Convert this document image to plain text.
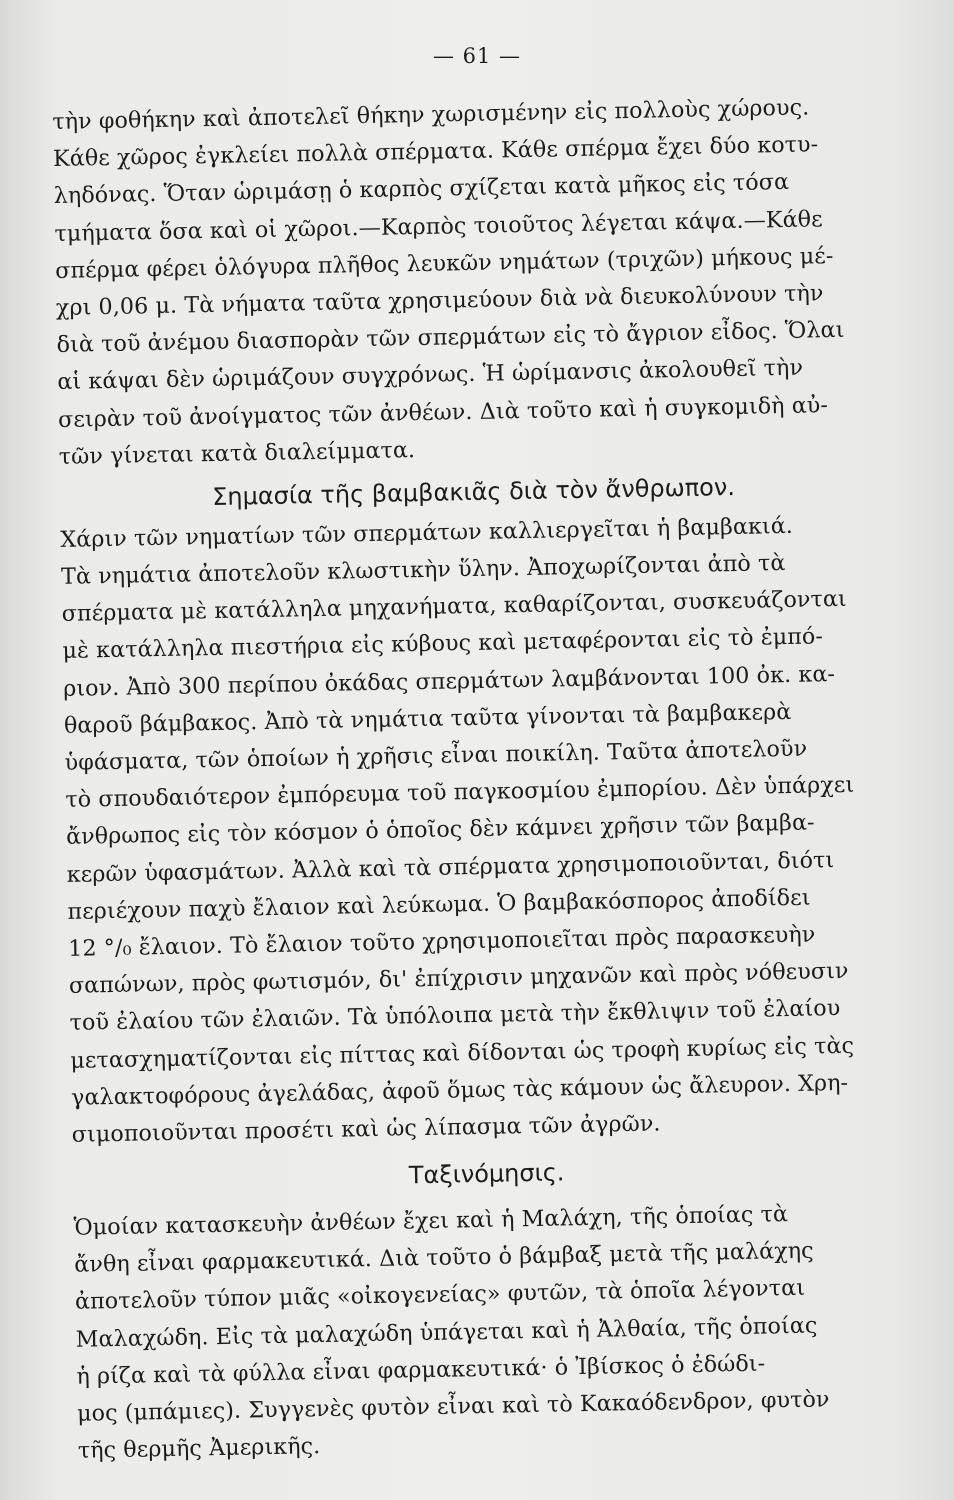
— 61 —
τὴν φοθήκην καὶ ἀποτελεῖ θήκην χωρισμένην εἰς πολλοὺς χώρους.
Κάθε χῶρος ἐγκλείει πολλὰ σπέρματα. Κάθε σπέρμα ἔχει δύο κοτυ-
ληδόνας. Ὅταν ὡριμάσῃ ὁ καρπὸς σχίζεται κατὰ μῆκος εἰς τόσα
τμήματα ὅσα καὶ οἱ χῶροι.—Καρπὸς τοιοῦτος λέγεται κάψα.—Κάθε
σπέρμα φέρει ὁλόγυρα πλῆθος λευκῶν νημάτων (τριχῶν) μήκους μέ-
χρι 0,06 μ. Τὰ νήματα ταῦτα χρησιμεύουν διὰ νὰ διευκολύνουν τὴν
διὰ τοῦ ἀνέμου διασπορὰν τῶν σπερμάτων εἰς τὸ ἄγριον εἶδος. Ὅλαι
αἱ κάψαι δὲν ὡριμάζουν συγχρόνως. Ἡ ὡρίμανσις ἀκολουθεῖ τὴν
σειρὰν τοῦ ἀνοίγματος τῶν ἀνθέων. Διὰ τοῦτο καὶ ἡ συγκομιδὴ αὐ-
τῶν γίνεται κατὰ διαλείμματα.
Σημασία τῆς βαμβακιᾶς διὰ τὸν ἄνθρωπον.
Χάριν τῶν νηματίων τῶν σπερμάτων καλλιεργεῖται ἡ βαμβακιά.
Τὰ νημάτια ἀποτελοῦν κλωστικὴν ὕλην. Ἀποχωρίζονται ἀπὸ τὰ
σπέρματα μὲ κατάλληλα μηχανήματα, καθαρίζονται, συσκευάζονται
μὲ κατάλληλα πιεστήρια εἰς κύβους καὶ μεταφέρονται εἰς τὸ ἐμπό-
ριον. Ἀπὸ 300 περίπου ὀκάδας σπερμάτων λαμβάνονται 100 ὀκ. κα-
θαροῦ βάμβακος. Ἀπὸ τὰ νημάτια ταῦτα γίνονται τὰ βαμβακερὰ
ὑφάσματα, τῶν ὁποίων ἡ χρῆσις εἶναι ποικίλη. Ταῦτα ἀποτελοῦν
τὸ σπουδαιότερον ἐμπόρευμα τοῦ παγκοσμίου ἐμπορίου. Δὲν ὑπάρχει
ἄνθρωπος εἰς τὸν κόσμον ὁ ὁποῖος δὲν κάμνει χρῆσιν τῶν βαμβα-
κερῶν ὑφασμάτων. Ἀλλὰ καὶ τὰ σπέρματα χρησιμοποιοῦνται, διότι
περιέχουν παχὺ ἔλαιον καὶ λεύκωμα. Ὁ βαμβακόσπορος ἀποδίδει
12 °/₀ ἔλαιον. Τὸ ἔλαιον τοῦτο χρησιμοποιεῖται πρὸς παρασκευὴν
σαπώνων, πρὸς φωτισμόν, δι' ἐπίχρισιν μηχανῶν καὶ πρὸς νόθευσιν
τοῦ ἐλαίου τῶν ἐλαιῶν. Τὰ ὑπόλοιπα μετὰ τὴν ἔκθλιψιν τοῦ ἐλαίου
μετασχηματίζονται εἰς πίττας καὶ δίδονται ὡς τροφὴ κυρίως εἰς τὰς
γαλακτοφόρους ἀγελάδας, ἀφοῦ ὅμως τὰς κάμουν ὡς ἄλευρον. Χρη-
σιμοποιοῦνται προσέτι καὶ ὡς λίπασμα τῶν ἀγρῶν.
Ταξινόμησις.
Ὁμοίαν κατασκευὴν ἀνθέων ἔχει καὶ ἡ Μαλάχη, τῆς ὁποίας τὰ
ἄνθη εἶναι φαρμακευτικά. Διὰ τοῦτο ὁ βάμβαξ μετὰ τῆς μαλάχης
ἀποτελοῦν τύπον μιᾶς «οἰκογενείας» φυτῶν, τὰ ὁποῖα λέγονται
Μαλαχώδη. Εἰς τὰ μαλαχώδη ὑπάγεται καὶ ἡ Ἀλθαία, τῆς ὁποίας
ἡ ρίζα καὶ τὰ φύλλα εἶναι φαρμακευτικά· ὁ Ἰβίσκος ὁ ἐδώδι-
μος (μπάμιες). Συγγενὲς φυτὸν εἶναι καὶ τὸ Κακαόδενδρον, φυτὸν
τῆς θερμῆς Ἀμερικῆς.
